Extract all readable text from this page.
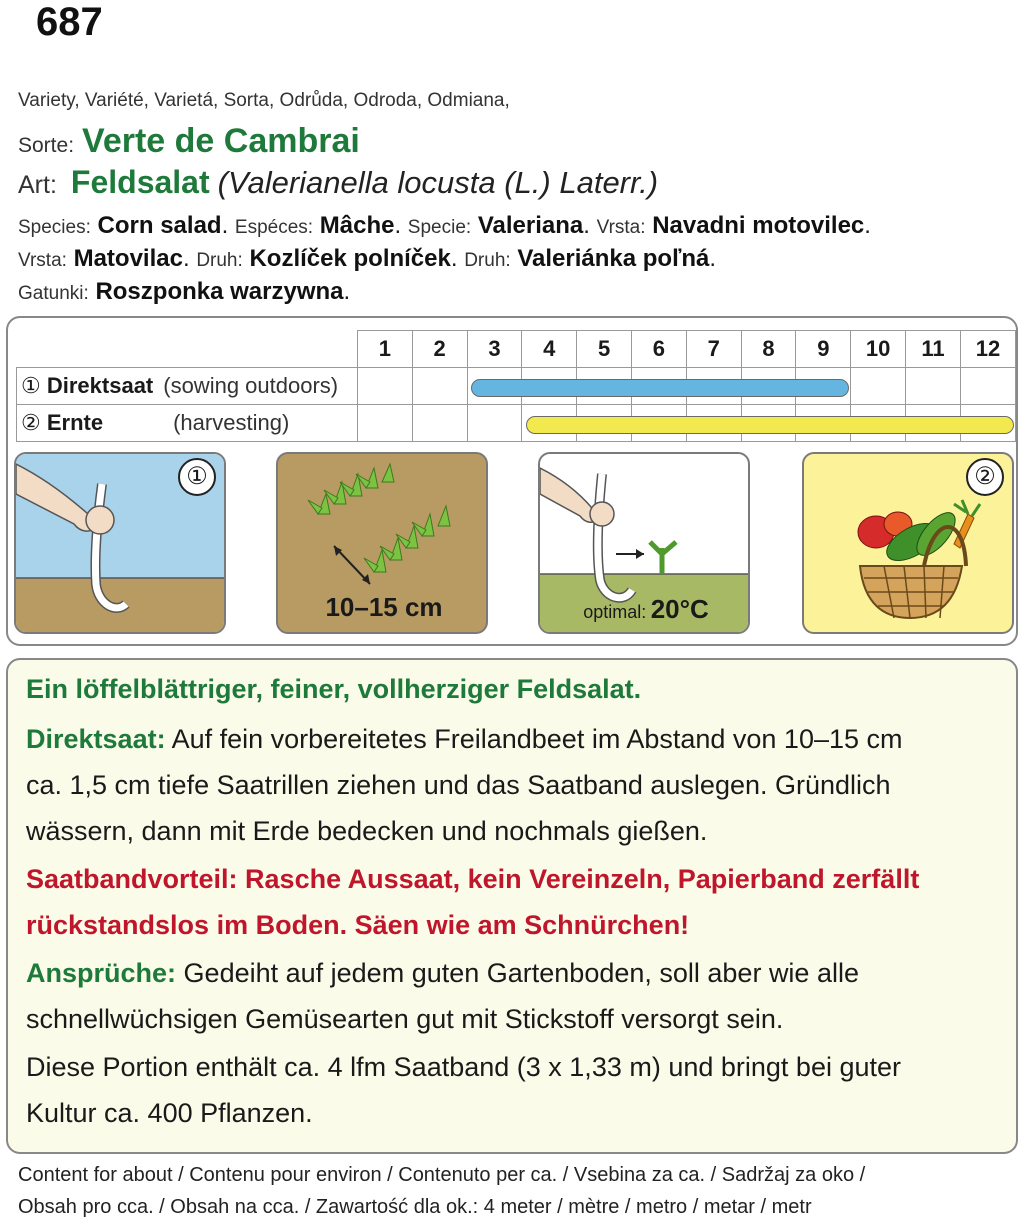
687
Variety, Variété, Varietá, Sorta, Odrůda, Odroda, Odmiana,
Sorte: Verte de Cambrai
Art: Feldsalat (Valerianella locusta (L.) Laterr.)
Species: Corn salad. Espéces: Mâche. Specie: Valeriana. Vrsta: Navadni motovilec.
Vrsta: Matovilac. Druh: Kozlíček polníček. Druh: Valeriánka poľná.
Gatunki: Roszponka warzywna.
	1	2	3	4	5	6	7	8	9	10	11	12
① Direktsaat (sowing outdoors)												
② Ernte (harvesting)												
①
10–15 cm	optimal: 20°C
②
Ein löffelblättriger, feiner, vollherziger Feldsalat.
Direktsaat: Auf fein vorbereitetes Freilandbeet im Abstand von 10–15 cm
ca. 1,5 cm tiefe Saatrillen ziehen und das Saatband auslegen. Gründlich
wässern, dann mit Erde bedecken und nochmals gießen.
Saatbandvorteil: Rasche Aussaat, kein Vereinzeln, Papierband zerfällt
rückstandslos im Boden. Säen wie am Schnürchen!
Ansprüche: Gedeiht auf jedem guten Gartenboden, soll aber wie alle
schnellwüchsigen Gemüsearten gut mit Stickstoff versorgt sein.
Diese Portion enthält ca. 4 lfm Saatband (3 x 1,33 m) und bringt bei guter
Kultur ca. 400 Pflanzen.
Content for about / Contenu pour environ / Contenuto per ca. / Vsebina za ca. / Sadržaj za oko /
Obsah pro cca. / Obsah na cca. / Zawartość dla ok.: 4 meter / mètre / metro / metar / metr
